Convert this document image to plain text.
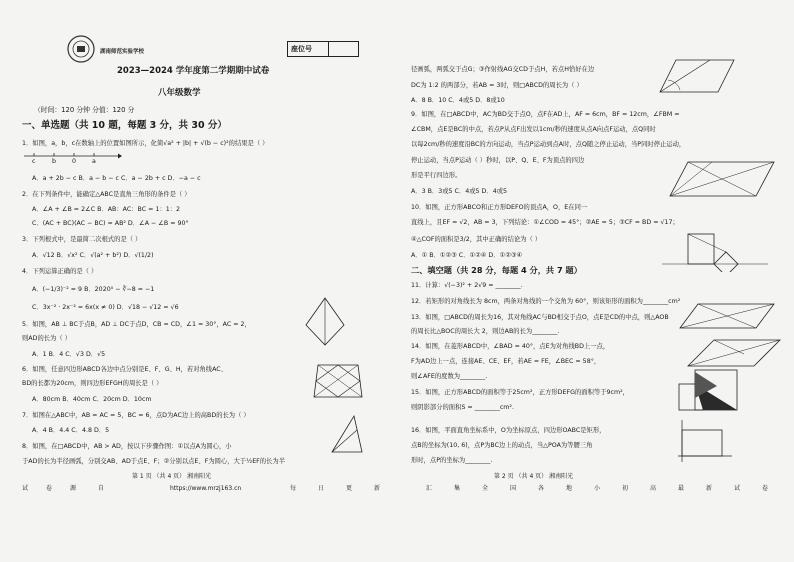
湖南师范实验学校	座位号
2023—2024 学年度第二学期期中试卷
八年级数学
（时间：120 分钟 分值：120 分
一、单选题（共 10 题，每题 3 分，共 30 分）
1．如图，a，b，c在数轴上的位置如图所示，化简√a² + |b| + √(b − c)²的结果是（ ）
c	b	0	a
A．a + 2b − c B．a − b − c C．a − 2b + c D．−a − c
2．在下列条件中，能确定△ABC是直角三角形的条件是（ ）
A．∠A + ∠B = 2∠C B．AB：AC：BC = 1：1：2
C．(AC + BC)(AC − BC) = AB² D．∠A − ∠B = 90°
3．下列根式中，是最简二次根式的是（ ）
A．√12 B．√x² C．√(a² + b²) D．√(1/2)
4．下列运算正确的是（ ）
A．(−1/3)⁻² = 9 B．2020⁰ − ∛−8 = −1
C．3x⁻² · 2x⁻² = 6x(x ≠ 0) D．√18 − √12 = √6
5．如图，AB ⊥ BC于点B，AD ⊥ DC于点D，CB = CD，∠1 = 30°，AC = 2，
则AD的长为（ ）
A．1 B．4 C．√3 D．√5
6．如图，任意四边形ABCD各边中点分别是E、F、G、H，若对角线AC、
BD的长都为20cm，则四边形EFGH的周长是（ ）
A．80cm B．40cm C．20cm D．10cm
7．如图在△ABC中，AB = AC = 5，BC = 6，点D为AC边上的高BD的长为（ ）
A．4 B．4.4 C．4.8 D．5
8．如图，在□ABCD中，AB > AD，按以下步骤作图：①以点A为圆心，小
于AD的长为半径画弧，分别交AB、AD于点E、F；②分别以点E、F为圆心，大于½EF的长为半
第 1 页 （共 4 页） 湘南阳光
https://www.mrzj163.cn
试	卷	源	自	每	日	更	新
径画弧，两弧交于点G；③作射线AG交CD于点H，若点H恰好在边
DC为 1:2 的两部分，若AB = 3时，则□ABCD的周长为（ ）
A．8 B．10 C．4或5 D．8或10
9．如图，在□ABCD中，AC为BD交于点O，点F在AD上，AF = 6cm，BF = 12cm，∠FBM =
∠CBM，点E是BC的中点，若点P从点F出发以1cm/秒的速度从点A向点F运动，点Q同时
以每2cm/秒的速度沿BC的方向运动，当点P运动到点A时，点Q随之停止运动，当P同时停止运动，
停止运动，当点P运动（ ）秒时，以P、Q、E、F为顶点的四边
形是平行四边形。
A．3 B．3或5 C．4或5 D．4或5
10．如图，正方形ABCO和正方形DEFO的顶点A，O，E在同一
直线上，且EF = √2，AB = 3，下列结论：①∠COD = 45°；②AE = 5；③CF = BD = √17；
④△COF的面积是3/2，其中正确的结论为（ ）
A．① B．①②③ C．①②④ D．①②③④
二、填空题（共 28 分，每题 4 分，共 7 题）
11．计算：√(−3)² + 2√9 = ________.
12．若矩形的对角线长为 8cm，两条对角线的一个交角为 60°，则该矩形的面积为________cm²
13．如图，□ABCD的周长为16，其对角线AC与BD相交于点O，点E是CD的中点，则△AOB
的周长比△BOC的周长大 2，则边AB的长为________.
14．如图，在菱形ABCD中，∠BAD = 40°，点E为对角线BD上一点，
F为AD边上一点，连接AE、CE、EF，若AE = FE，∠BEC = 58°，
则∠AFE的度数为________.
15．如图，正方形ABCD的面积等于25cm²，正方形DEFG的面积等于9cm²，
则阴影部分的面积S = ________cm².
16．如图，平面直角坐标系中，O为坐标原点，四边形OABC是矩形，
点B的坐标为(10, 6)，点P为BC边上的动点，当△POA为等腰三角
形时，点P的坐标为________.
第 2 页 （共 4 页） 湘南阳光
汇	集	全	国	各	地	小	初	高	最	新	试	卷
